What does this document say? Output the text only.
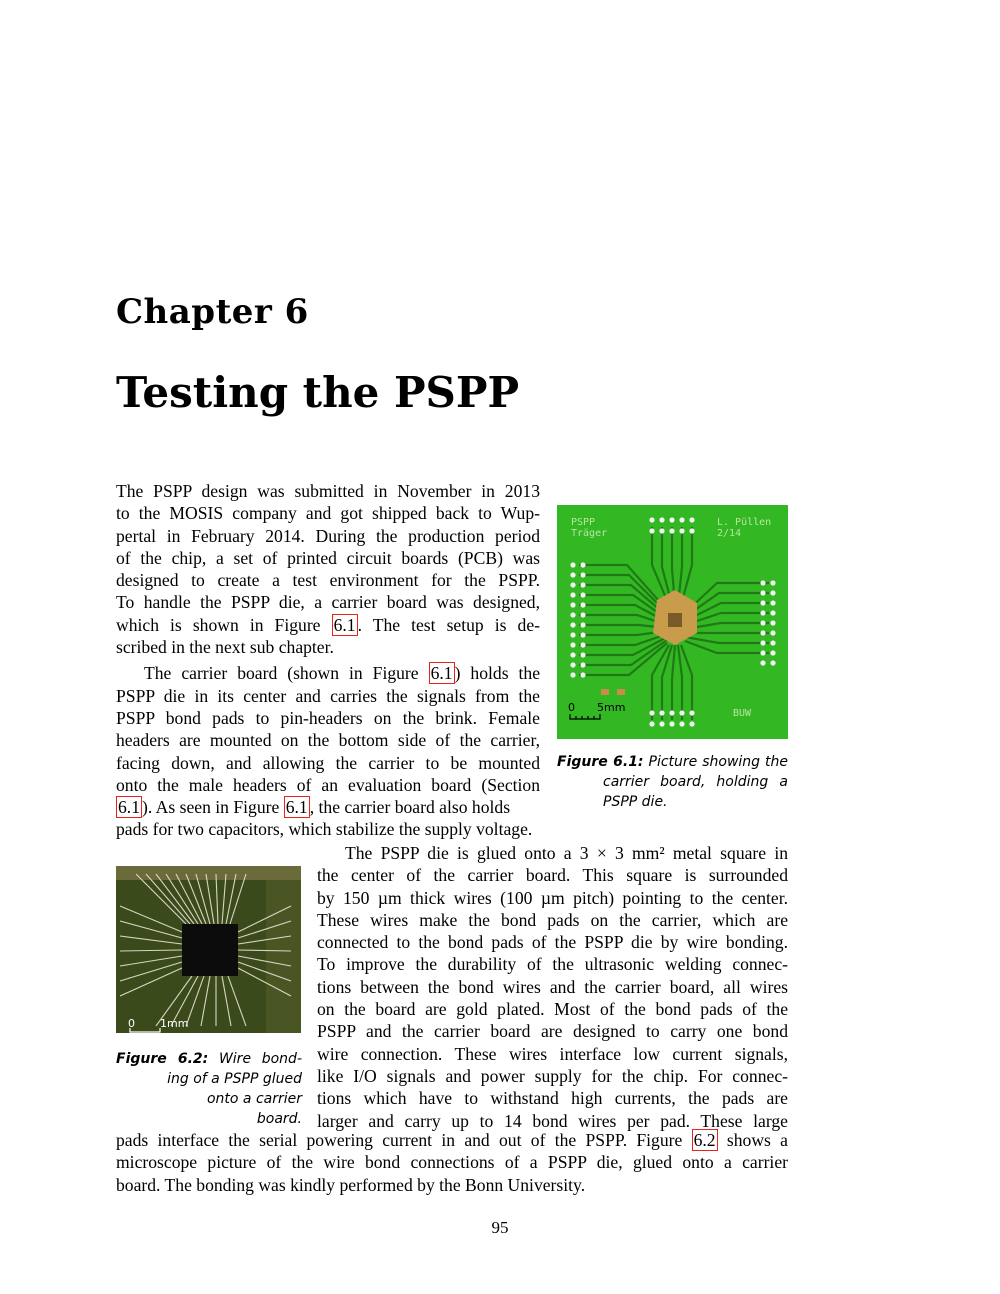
Chapter 6
Testing the PSPP
The PSPP design was submitted in November in 2013
to the MOSIS company and got shipped back to Wup-
pertal in February 2014. During the production period
of the chip, a set of printed circuit boards (PCB) was
designed to create a test environment for the PSPP.
To handle the PSPP die, a carrier board was designed,
which is shown in Figure 6.1 . The test setup is de-
scribed in the next sub chapter.
The carrier board (shown in Figure 6.1 ) holds the
PSPP die in its center and carries the signals from the
PSPP bond pads to pin-headers on the brink. Female
headers are mounted on the bottom side of the carrier,
facing down, and allowing the carrier to be mounted
onto the male headers of an evaluation board (Section
6.1 ). As seen in Figure 6.1 , the carrier board also holds
pads for two capacitors, which stabilize the supply voltage.
PSPP
Träger
L. Püllen
2/14
BUW
0 5mm
Figure 6.1: Picture showing the
carrier board, holding a
PSPP die.
0 1mm
Figure 6.2: Wire bond-
ing of a PSPP glued
onto a carrier board.
The PSPP die is glued onto a 3 × 3 mm² metal square in
the center of the carrier board. This square is surrounded
by 150 µm thick wires (100 µm pitch) pointing to the center.
These wires make the bond pads on the carrier, which are
connected to the bond pads of the PSPP die by wire bonding.
To improve the durability of the ultrasonic welding connec-
tions between the bond wires and the carrier board, all wires
on the board are gold plated. Most of the bond pads of the
PSPP and the carrier board are designed to carry one bond
wire connection. These wires interface low current signals,
like I/O signals and power supply for the chip. For connec-
tions which have to withstand high currents, the pads are
larger and carry up to 14 bond wires per pad. These large
pads interface the serial powering current in and out of the PSPP. Figure 6.2 shows a
microscope picture of the wire bond connections of a PSPP die, glued onto a carrier
board. The bonding was kindly performed by the Bonn University.
95
